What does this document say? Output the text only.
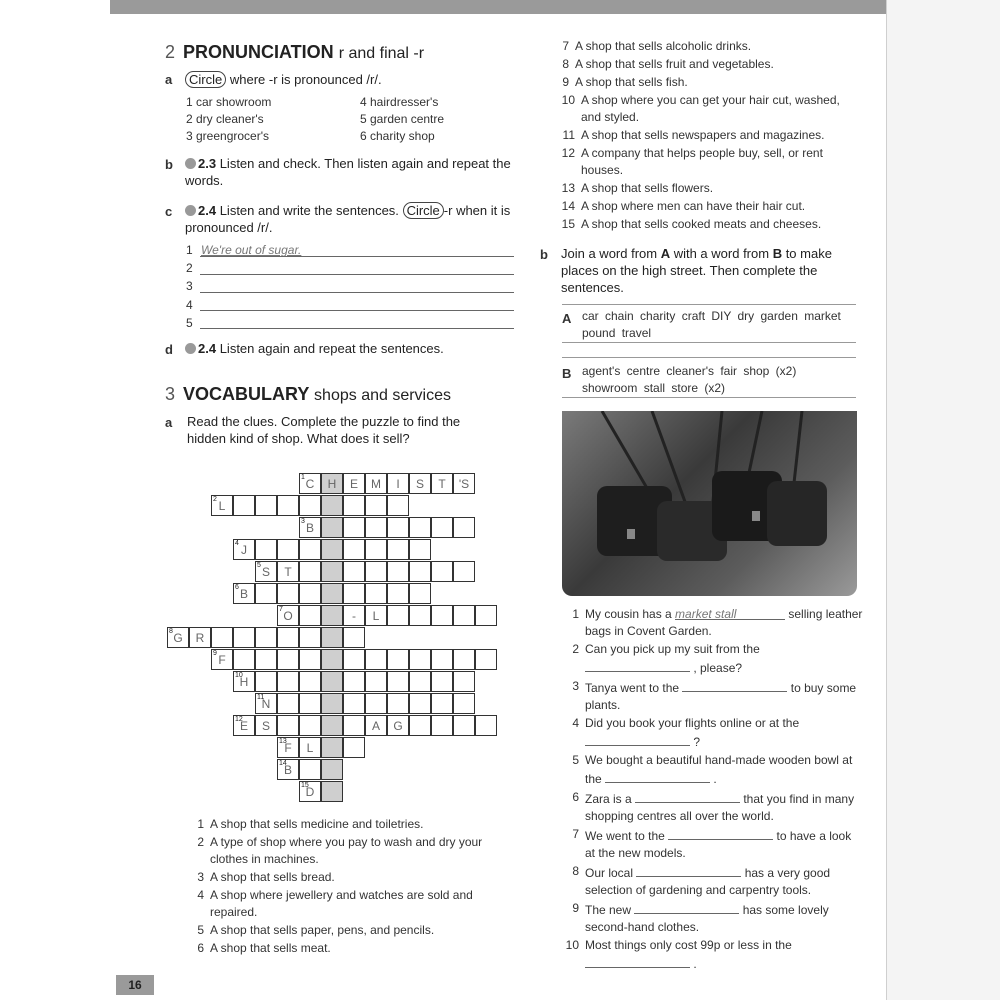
2 PRONUNCIATION r and final -r
a	Circle where -r is pronounced /r/.
1 car showroom	4 hairdresser's
2 dry cleaner's	5 garden centre
3 greengrocer's	6 charity shop
b	2.3 Listen and check. Then listen again and repeat the words.
c	2.4 Listen and write the sentences. Circle -r when it is pronounced /r/.
1 We're out of sugar.
2
3
4
5
d	2.4 Listen again and repeat the sentences.
3 VOCABULARY shops and services
a Read the clues. Complete the puzzle to find the hidden kind of shop. What does it sell?
1 C H E M I S T 'S
2 L
3 B
4 J
5 S T
6 B
7 O	- L
8 G R
9 F
10
H
11
N
12
E S	A G
13
F L
14
B
15
D
1 A shop that sells medicine and toiletries.
2 A type of shop where you pay to wash and dry your clothes in machines.
3 A shop that sells bread.
4 A shop where jewellery and watches are sold and repaired.
5 A shop that sells paper, pens, and pencils.
6 A shop that sells meat.
7 A shop that sells alcoholic drinks.
8 A shop that sells fruit and vegetables.
9 A shop that sells fish.
10 A shop where you can get your hair cut, washed, and styled.
11 A shop that sells newspapers and magazines.
12 A company that helps people buy, sell, or rent houses.
13 A shop that sells flowers.
14 A shop where men can have their hair cut.
15 A shop that sells cooked meats and cheeses.
b Join a word from A with a word from B to make places on the high street. Then complete the sentences.
A car chain charity craft DIY dry garden market pound travel
B agent's centre cleaner's fair shop (x2) showroom stall store (x2)
1 My cousin has a market stall	selling leather bags in Covent Garden.
2 Can you pick up my suit from the  , please?
3 Tanya went to the	to buy some plants.
4 Did you book your flights online or at the  ?
5 We bought a beautiful hand-made wooden bowl at the	.
6 Zara is a	that you find in many shopping centres all over the world.
7 We went to the	to have a look at the new models.
8 Our local	has a very good selection of gardening and carpentry tools.
9 The new	has some lovely second-hand clothes.
10 Most things only cost 99p or less in the  .
16
